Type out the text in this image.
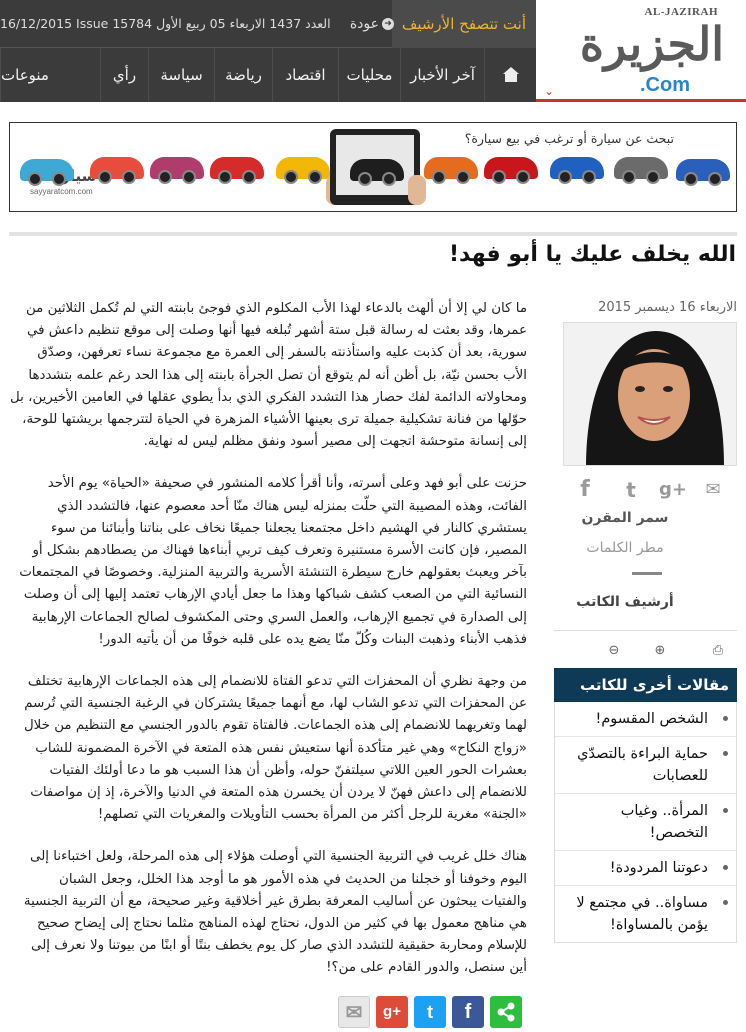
أنت تتصفح الأرشيف
➜عودة
16/12/2015 Issue 15784 العدد 1437 الاربعاء 05 ربيع الأول
آخر الأخبار
محليات
اقتصاد
رياضة
سياسة
رأي
منوعات
AL-JAZIRAH
الجزيرة
.Com
⌄
تبحث عن سيارة أو ترغب في بيع سيارة؟
sayyaratcom.com
الله يخلف عليك يا أبو فهد!
الاربعاء 16 ديسمبر 2015
✉
g+
t
f
سمر المقرن
مطر الكلمات
أرشيف الكاتب
⎙
⊕
⊖
مقالات أخرى للكاتب
الشخص المقسوم!
حماية البراءة بالتصدّي للعصابات
المرأة.. وغياب التخصص!
دعوتنا المردودة!
مساواة.. في مجتمع لا يؤمن بالمساواة!

ما كان لي إلا أن ألهث بالدعاء لهذا الأب المكلوم الذي فوجئ بابنته التي لم تُكمل الثلاثين من عمرها، وقد بعثت له رسالة قبل ستة أشهر تُبلغه فيها أنها وصلت إلى موقع تنظيم داعش في سورية، بعد أن كذبت عليه واستأذنته بالسفر إلى العمرة مع مجموعة نساء تعرفهن، وصدّق الأب بحسن نيّة، بل أظن أنه لم يتوقع أن تصل الجرأة بابنته إلى هذا الحد رغم علمه بتشددها ومحاولاته الدائمة لفك حصار هذا التشدد الفكري الذي بدأ يطوي عقلها في العامين الأخيرين، بل حوّلها من فنانة تشكيلية جميلة ترى بعينها الأشياء المزهرة في الحياة لتترجمها بريشتها للوحة، إلى إنسانة متوحشة اتجهت إلى مصير أسود ونفق مظلم ليس له نهاية.

حزنت على أبو فهد وعلى أسرته، وأنا أقرأ كلامه المنشور في صحيفة «الحياة» يوم الأحد الفائت، وهذه المصيبة التي حلّت بمنزله ليس هناك منّا أحد معصوم عنها، فالتشدد الذي يستشري كالنار في الهشيم داخل مجتمعنا يجعلنا جميعًا نخاف على بناتنا وأبنائنا من سوء المصير، فإن كانت الأسرة مستنيرة وتعرف كيف تربي أبناءها فهناك من يصطادهم بشكل أو بآخر ويعبث بعقولهم خارج سيطرة التنشئة الأسرية والتربية المنزلية. وخصوصًا في المجتمعات النسائية التي من الصعب كشف شباكها وهذا ما جعل أيادي الإرهاب تعتمد إليها إلى أن وصلت إلى الصدارة في تجميع الإرهاب، والعمل السري وحتى المكشوف لصالح الجماعات الإرهابية فذهب الأبناء وذهبت البنات وكُلّ منّا يضع يده على قلبه خوفًا من أن يأتيه الدور!

من وجهة نظري أن المحفزات التي تدعو الفتاة للانضمام إلى هذه الجماعات الإرهابية تختلف عن المحفزات التي تدعو الشاب لها، مع أنهما جميعًا يشتركان في الرغبة الجنسية التي تُرسم لهما وتغريهما للانضمام إلى هذه الجماعات. فالفتاة تقوم بالدور الجنسي مع التنظيم من خلال «زواج النكاح» وهي غير متأكدة أنها ستعيش نفس هذه المتعة في الآخرة المضمونة للشاب بعشرات الحور العين اللاتي سيلتفنّ حوله، وأظن أن هذا السبب هو ما دعا أولئك الفتيات للانضمام إلى داعش فهنّ لا يردن أن يخسرن هذه المتعة في الدنيا والآخرة، إذ إن مواصفات «الجنة» مغرية للرجل أكثر من المرأة بحسب التأويلات والمغريات التي تصلهم!

هناك خلل غريب في التربية الجنسية التي أوصلت هؤلاء إلى هذه المرحلة، ولعل اختباءنا إلى اليوم وخوفنا أو خجلنا من الحديث في هذه الأمور هو ما أوجد هذا الخلل، وجعل الشبان والفتيات يبحثون عن أساليب المعرفة بطرق غير أخلاقية وغير صحيحة، مع أن التربية الجنسية هي مناهج معمول بها في كثير من الدول، نحتاج لهذه المناهج مثلما نحتاج إلى إيضاح صحيح للإسلام ومحاربة حقيقية للتشدد الذي صار كل يوم يخطف بنتًا أو ابنًا من بيوتنا ولا نعرف إلى أين سنصل، والدور القادم على من؟!

f
t
g+
✉
